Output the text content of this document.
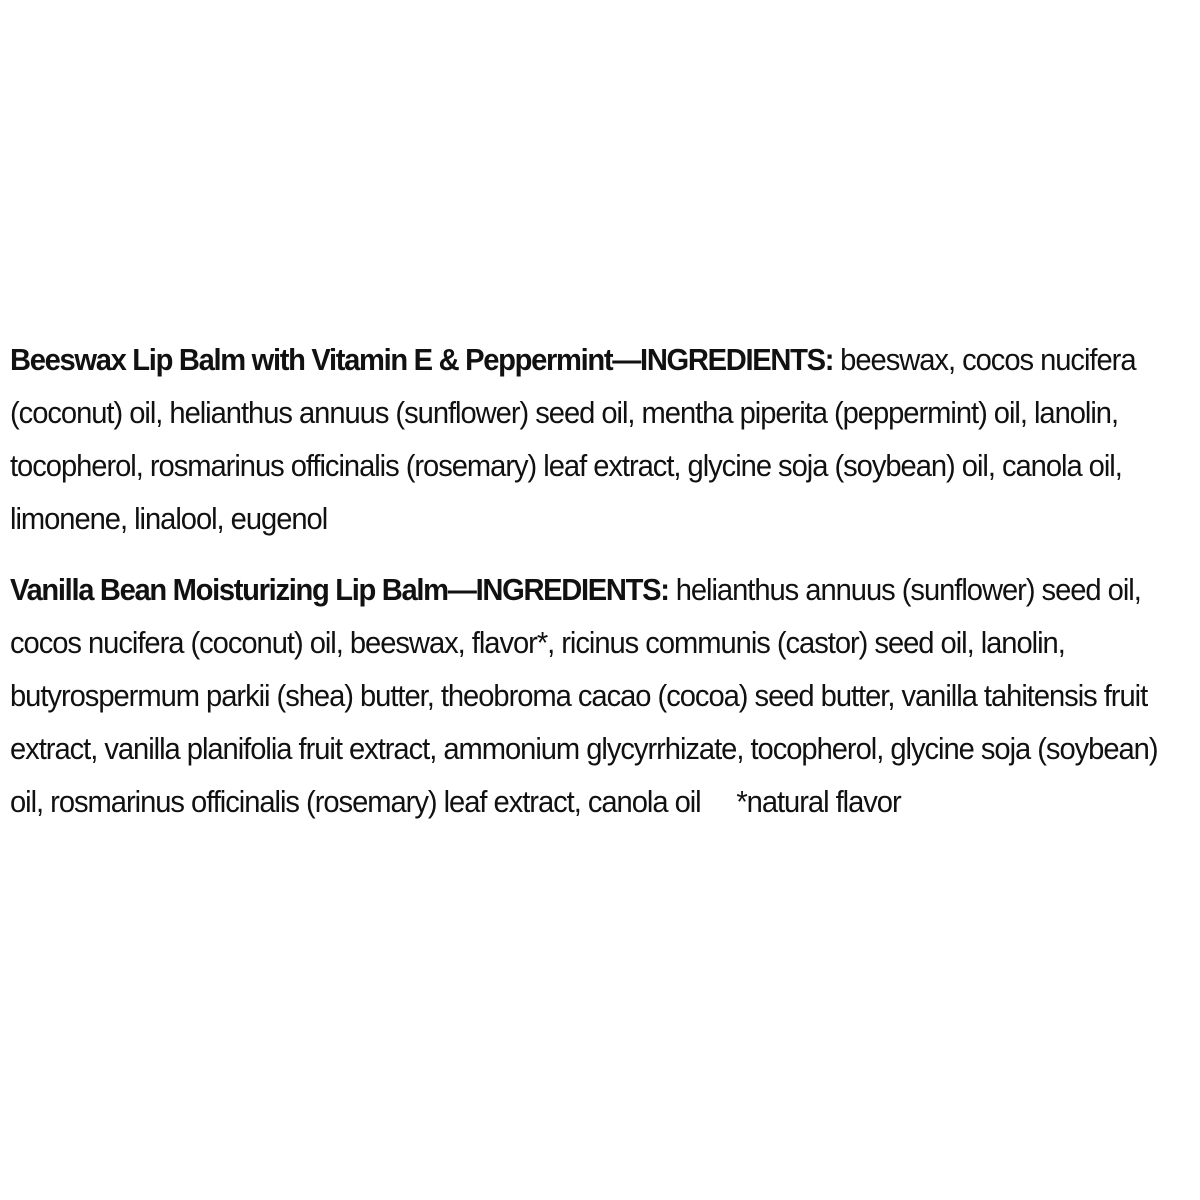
Beeswax Lip Balm with Vitamin E & Peppermint—INGREDIENTS: beeswax, cocos nucifera (coconut) oil, helianthus annuus (sunflower) seed oil, mentha piperita (peppermint) oil, lanolin, tocopherol, rosmarinus officinalis (rosemary) leaf extract, glycine soja (soybean) oil, canola oil, limonene, linalool, eugenol

Vanilla Bean Moisturizing Lip Balm—INGREDIENTS: helianthus annuus (sunflower) seed oil, cocos nucifera (coconut) oil, beeswax, flavor*, ricinus communis (castor) seed oil, lanolin, butyrospermum parkii (shea) butter, theobroma cacao (cocoa) seed butter, vanilla tahitensis fruit extract, vanilla planifolia fruit extract, ammonium glycyrrhizate, tocopherol, glycine soja (soybean) oil, rosmarinus officinalis (rosemary) leaf extract, canola oil *natural flavor
